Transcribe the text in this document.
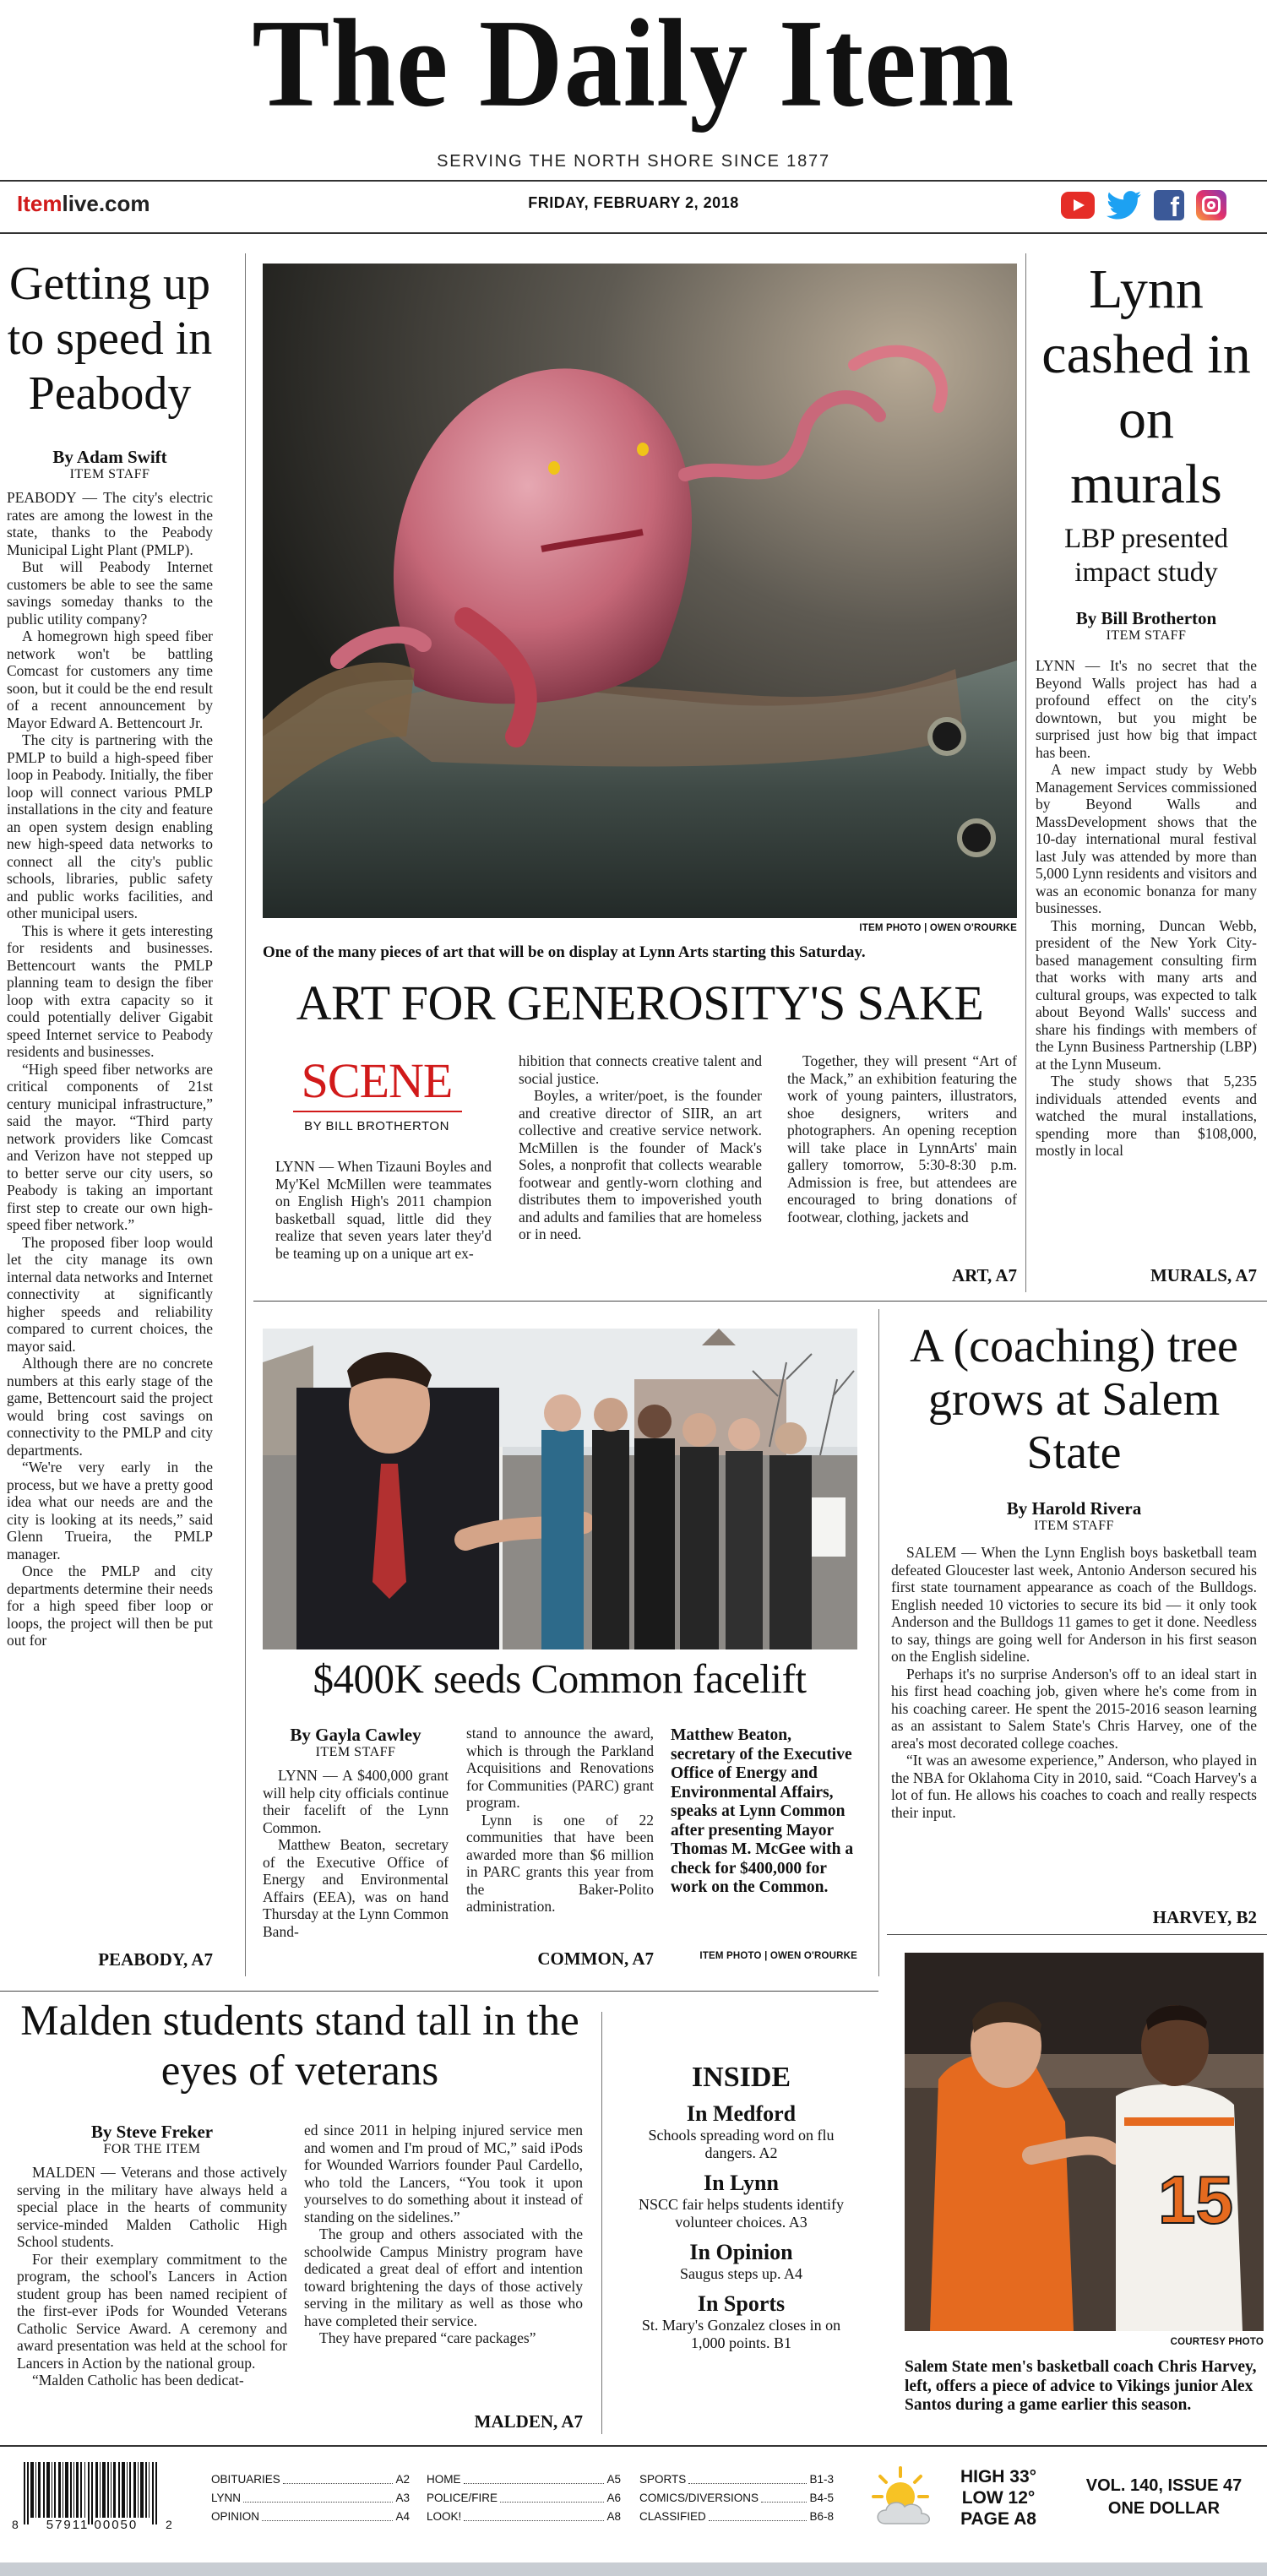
The Daily Item
SERVING THE NORTH SHORE SINCE 1877
Itemlive.com	FRIDAY, FEBRUARY 2, 2018	f
Getting up to speed in Peabody
By Adam Swift
ITEM STAFF

PEABODY — The city's electric rates are among the lowest in the state, thanks to the Peabody Municipal Light Plant (PMLP).

But will Peabody Internet customers be able to see the same savings someday thanks to the public utility company?

A homegrown high speed fiber network won't be battling Comcast for customers any time soon, but it could be the end result of a recent announcement by Mayor Edward A. Bettencourt Jr.

The city is partnering with the PMLP to build a high-speed fiber loop in Peabody. Initially, the fiber loop will connect various PMLP installations in the city and feature an open system design enabling new high-speed data networks to connect all the city's public schools, libraries, public safety and public works facilities, and other municipal users.

This is where it gets interesting for residents and businesses. Bettencourt wants the PMLP planning team to design the fiber loop with extra capacity so it could potentially deliver Gigabit speed Internet service to Peabody residents and businesses.

“High speed fiber networks are critical components of 21st century municipal infrastructure,” said the mayor. “Third party network providers like Comcast and Verizon have not stepped up to better serve our city users, so Peabody is taking an important first step to create our own high-speed fiber network.”

The proposed fiber loop would let the city manage its own internal data networks and Internet connectivity at significantly higher speeds and reliability compared to current choices, the mayor said.

Although there are no concrete numbers at this early stage of the game, Bettencourt said the project would bring cost savings on connectivity to the PMLP and city departments.

“We're very early in the process, but we have a pretty good idea what our needs are and the city is looking at its needs,” said Glenn Trueira, the PMLP manager.

Once the PMLP and city departments determine their needs for a high speed fiber loop or loops, the project will then be put out for

PEABODY, A7
ITEM PHOTO | OWEN O'ROURKE
One of the many pieces of art that will be on display at Lynn Arts starting this Saturday.
ART FOR GENEROSITY'S SAKE
SCENE
BY BILL BROTHERTON

LYNN — When Tizauni Boyles and My'Kel McMillen were teammates on English High's 2011 champion basketball squad, little did they realize that seven years later they'd be teaming up on a unique art ex-

hibition that connects creative talent and social justice.

Boyles, a writer/poet, is the founder and creative director of SIIR, an art collective and creative service network. McMillen is the founder of Mack's Soles, a nonprofit that collects wearable footwear and gently-worn clothing and distributes them to impoverished youth and adults and families that are homeless or in need.

Together, they will present “Art of the Mack,” an exhibition featuring the work of young painters, illustrators, shoe designers, writers and photographers. An opening reception will take place in LynnArts' main gallery tomorrow, 5:30-8:30 p.m. Admission is free, but attendees are encouraged to bring donations of footwear, clothing, jackets and

ART, A7
Lynn cashed in on murals
LBP presented impact study
By Bill Brotherton
ITEM STAFF

LYNN — It's no secret that the Beyond Walls project has had a profound effect on the city's downtown, but you might be surprised just how big that impact has been.

A new impact study by Webb Management Services commissioned by Beyond Walls and MassDevelopment shows that the 10-day international mural festival last July was attended by more than 5,000 Lynn residents and visitors and was an economic bonanza for many businesses.

This morning, Duncan Webb, president of the New York City-based management consulting firm that works with many arts and cultural groups, was expected to talk about Beyond Walls' success and share his findings with members of the Lynn Business Partnership (LBP) at the Lynn Museum.

The study shows that 5,235 individuals attended events and watched the mural installations, spending more than $108,000, mostly in local

MURALS, A7
$400K seeds Common facelift
By Gayla Cawley
ITEM STAFF

LYNN — A $400,000 grant will help city officials continue their facelift of the Lynn Common.

Matthew Beaton, secretary of the Executive Office of Energy and Environmental Affairs (EEA), was on hand Thursday at the Lynn Common Band-

stand to announce the award, which is through the Parkland Acquisitions and Renovations for Communities (PARC) grant program.

Lynn is one of 22 communities that have been awarded more than $6 million in PARC grants this year from the Baker-Polito administration.

COMMON, A7
Matthew Beaton, secretary of the Executive Office of Energy and Environmental Affairs, speaks at Lynn Common after presenting Mayor Thomas M. McGee with a check for $400,000 for work on the Common.
ITEM PHOTO | OWEN O'ROURKE
A (coaching) tree grows at Salem State
By Harold Rivera
ITEM STAFF

SALEM — When the Lynn English boys basketball team defeated Gloucester last week, Antonio Anderson secured his first state tournament appearance as coach of the Bulldogs. English needed 10 victories to secure its bid — it only took Anderson and the Bulldogs 11 games to get it done. Needless to say, things are going well for Anderson in his first season on the English sideline.

Perhaps it's no surprise Anderson's off to an ideal start in his first head coaching job, given where he's come from in his coaching career. He spent the 2015-2016 season learning as an assistant to Salem State's Chris Harvey, one of the area's most decorated college coaches.

“It was an awesome experience,” Anderson, who played in the NBA for Oklahoma City in 2010, said. “Coach Harvey's a lot of fun. He allows his coaches to coach and really respects their input.

HARVEY, B2
15
COURTESY PHOTO
Salem State men's basketball coach Chris Harvey, left, offers a piece of advice to Vikings junior Alex Santos during a game earlier this season.
Malden students stand tall in the eyes of veterans
By Steve Freker
FOR THE ITEM

MALDEN — Veterans and those actively serving in the military have always held a special place in the hearts of community service-minded Malden Catholic High School students.

For their exemplary commitment to the program, the school's Lancers in Action student group has been named recipient of the first-ever iPods for Wounded Veterans Catholic Service Award. A ceremony and award presentation was held at the school for Lancers in Action by the national group.

“Malden Catholic has been dedicat-

ed since 2011 in helping injured service men and women and I'm proud of MC,” said iPods for Wounded Warriors founder Paul Cardello, who told the Lancers, “You took it upon yourselves to do something about it instead of standing on the sidelines.”

The group and others associated with the schoolwide Campus Ministry program have dedicated a great deal of effort and intention toward brightening the days of those actively serving in the military as well as those who have completed their service.

They have prepared “care packages”

MALDEN, A7
INSIDE
In Medford
Schools spreading word on flu dangers. A2
In Lynn
NSCC fair helps students identify volunteer choices. A3
In Opinion
Saugus steps up. A4
In Sports
St. Mary's Gonzalez closes in on 1,000 points. B1
8	57911 00050	2
OBITUARIES	A2
LYNN	A3
OPINION	A4
HOME	A5
POLICE/FIRE	A6
LOOK!	A8
SPORTS	B1-3
COMICS/DIVERSIONS	B4-5
CLASSIFIED	B6-8
HIGH 33°
LOW 12°
PAGE A8
VOL. 140, ISSUE 47
ONE DOLLAR
